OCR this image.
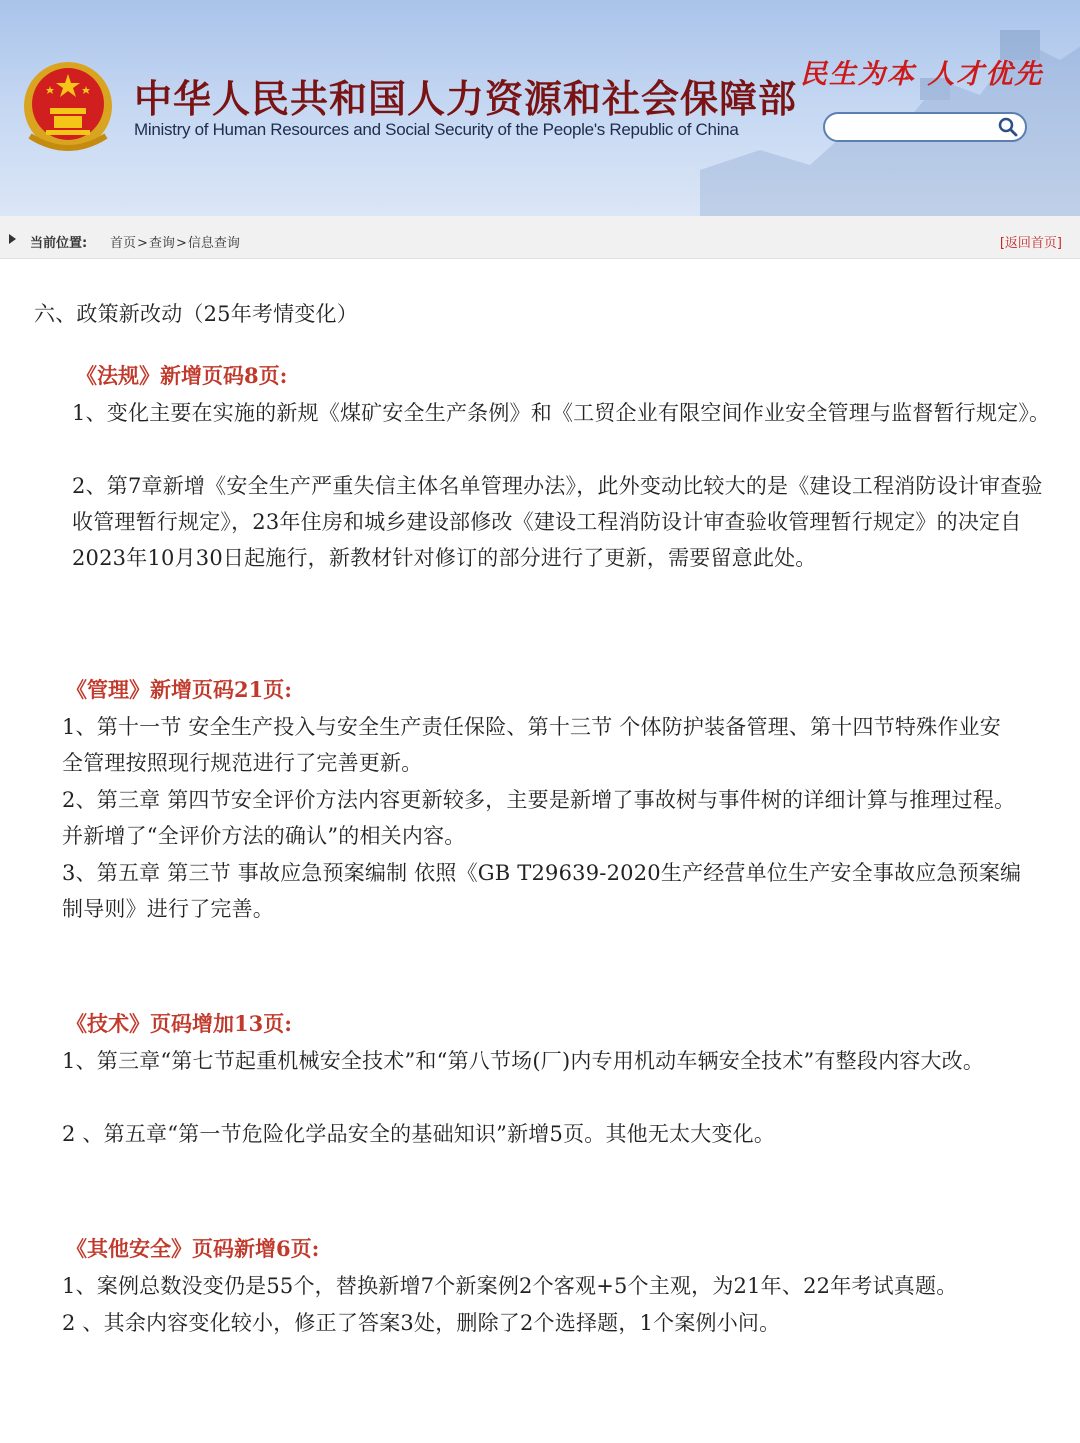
中华人民共和国人力资源和社会保障部
Ministry of Human Resources and Social Security of the People's Republic of China
民生为本 人才优先
当前位置: 首页>查询>信息查询	[返回首页]

六、政策新改动（25年考情变化）

《法规》新增页码8页:

1、变化主要在实施的新规《煤矿安全生产条例》和《工贸企业有限空间作业安全管理与监督暂行规定》。

2、第7章新增《安全生产严重失信主体名单管理办法》，此外变动比较大的是《建设工程消防设计审查验收管理暂行规定》，23年住房和城乡建设部修改《建设工程消防设计审查验收管理暂行规定》的决定自2023年10月30日起施行，新教材针对修订的部分进行了更新，需要留意此处。

《管理》新增页码21页:

1、第十一节 安全生产投入与安全生产责任保险、第十三节 个体防护装备管理、第十四节特殊作业安全管理按照现行规范进行了完善更新。

2、第三章 第四节安全评价方法内容更新较多，主要是新增了事故树与事件树的详细计算与推理过程。并新增了“全评价方法的确认”的相关内容。

3、第五章 第三节 事故应急预案编制 依照《GB T29639-2020生产经营单位生产安全事故应急预案编制导则》进行了完善。

《技术》页码增加13页:

1、第三章“第七节起重机械安全技术”和“第八节场(厂)内专用机动车辆安全技术”有整段内容大改。

2 、第五章“第一节危险化学品安全的基础知识”新增5页。其他无太大变化。

《其他安全》页码新增6页:

1、案例总数没变仍是55个，替换新增7个新案例2个客观+5个主观，为21年、22年考试真题。

2 、其余内容变化较小，修正了答案3处，删除了2个选择题，1个案例小问。
